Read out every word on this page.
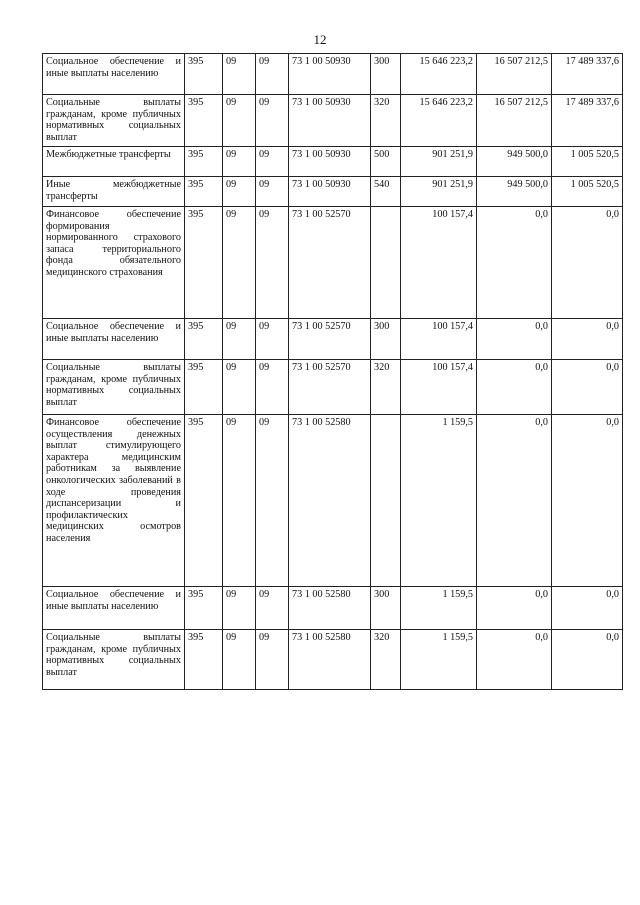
12
Социальное обеспечение и иные выплаты населению	395	09	09	73 1 00 50930	300	15 646 223,2	16 507 212,5	17 489 337,6
Социальные выплаты гражданам, кроме публичных нормативных социальных выплат	395	09	09	73 1 00 50930	320	15 646 223,2	16 507 212,5	17 489 337,6
Межбюджетные трансферты	395	09	09	73 1 00 50930	500	901 251,9	949 500,0	1 005 520,5
Иные межбюджетные трансферты	395	09	09	73 1 00 50930	540	901 251,9	949 500,0	1 005 520,5
Финансовое обеспечение формирования нормированного страхового запаса территориального фонда обязательного медицинского страхования	395	09	09	73 1 00 52570		100 157,4	0,0	0,0
Социальное обеспечение и иные выплаты населению	395	09	09	73 1 00 52570	300	100 157,4	0,0	0,0
Социальные выплаты гражданам, кроме публичных нормативных социальных выплат	395	09	09	73 1 00 52570	320	100 157,4	0,0	0,0
Финансовое обеспечение осуществления денежных выплат стимулирующего характера медицинским работникам за выявление онкологических заболеваний в ходе проведения диспансеризации и профилактических медицинских осмотров населения	395	09	09	73 1 00 52580		1 159,5	0,0	0,0
Социальное обеспечение и иные выплаты населению	395	09	09	73 1 00 52580	300	1 159,5	0,0	0,0
Социальные выплаты гражданам, кроме публичных нормативных социальных выплат	395	09	09	73 1 00 52580	320	1 159,5	0,0	0,0
